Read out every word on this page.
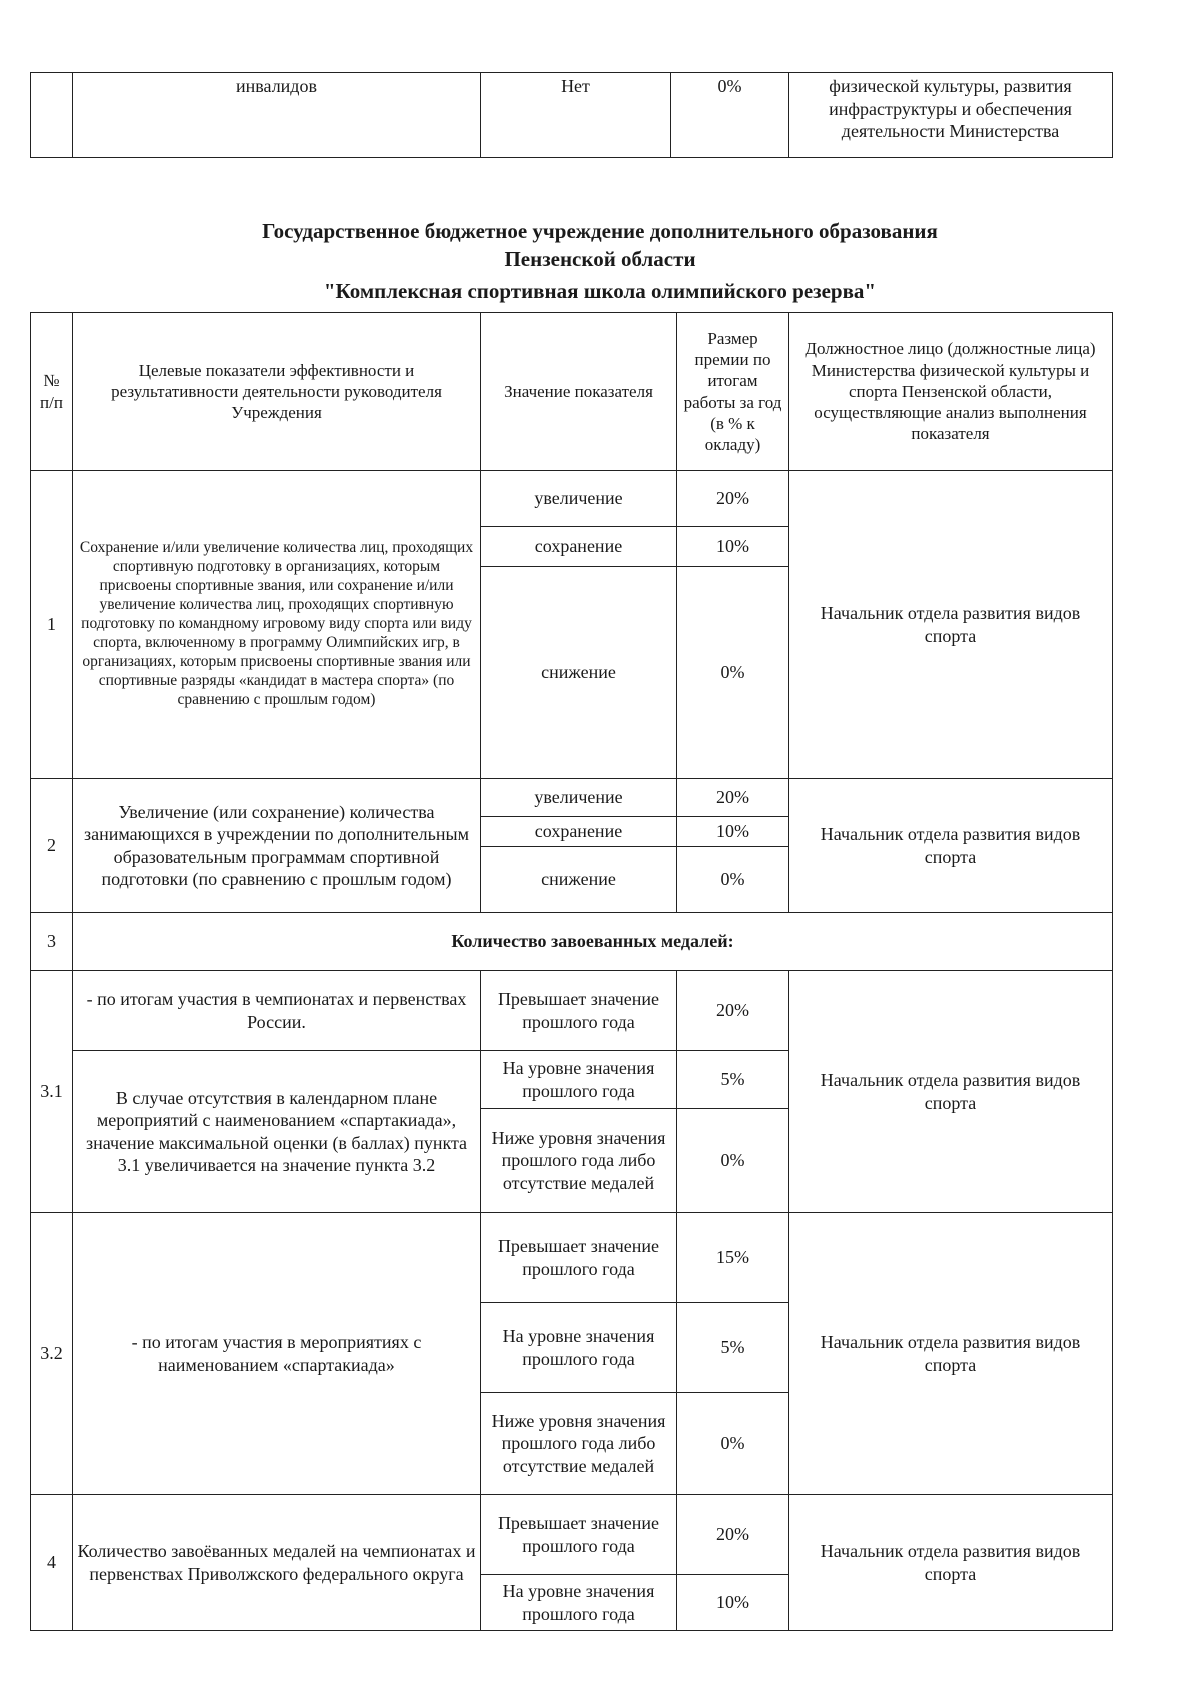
	инвалидов	Нет	0%	физической культуры, развития инфраструктуры и обеспечения деятельности Министерства
Государственное бюджетное учреждение дополнительного образования
Пензенской области
"Комплексная спортивная школа олимпийского резерва"
№ п/п	Целевые показатели эффективности и результативности деятельности руководителя Учреждения	Значение показателя	Размер премии по итогам работы за год (в % к окладу)	Должностное лицо (должностные лица) Министерства физической культуры и спорта Пензенской области, осуществляющие анализ выполнения показателя
1	Сохранение и/или увеличение количества лиц, проходящих спортивную подготовку в организациях, которым присвоены спортивные звания, или сохранение и/или увеличение количества лиц, проходящих спортивную подготовку по командному игровому виду спорта или виду спорта, включенному в программу Олимпийских игр, в организациях, которым присвоены спортивные звания или спортивные разряды «кандидат в мастера спорта» (по сравнению с прошлым годом)	увеличение	20%	Начальник отдела развития видов спорта
		сохранение	10%	
		снижение	0%	
2	Увеличение (или сохранение) количества занимающихся в учреждении по дополнительным образовательным программам спортивной подготовки (по сравнению с прошлым годом)	увеличение	20%	Начальник отдела развития видов спорта
		сохранение	10%	
		снижение	0%	
3	Количество завоеванных медалей:			
3.1	- по итогам участия в чемпионатах и первенствах России.	Превышает значение прошлого года	20%	Начальник отдела развития видов спорта
	В случае отсутствия в календарном плане мероприятий с наименованием «спартакиада», значение максимальной оценки (в баллах) пункта 3.1 увеличивается на значение пункта 3.2	На уровне значения прошлого года	5%	
		Ниже уровня значения прошлого года либо отсутствие медалей	0%	
3.2	- по итогам участия в мероприятиях с наименованием «спартакиада»	Превышает значение прошлого года	15%	Начальник отдела развития видов спорта
		На уровне значения прошлого года	5%	
		Ниже уровня значения прошлого года либо отсутствие медалей	0%	
4	Количество завоёванных медалей на чемпионатах и первенствах Приволжского федерального округа	Превышает значение прошлого года	20%	Начальник отдела развития видов спорта
		На уровне значения прошлого года	10%	
